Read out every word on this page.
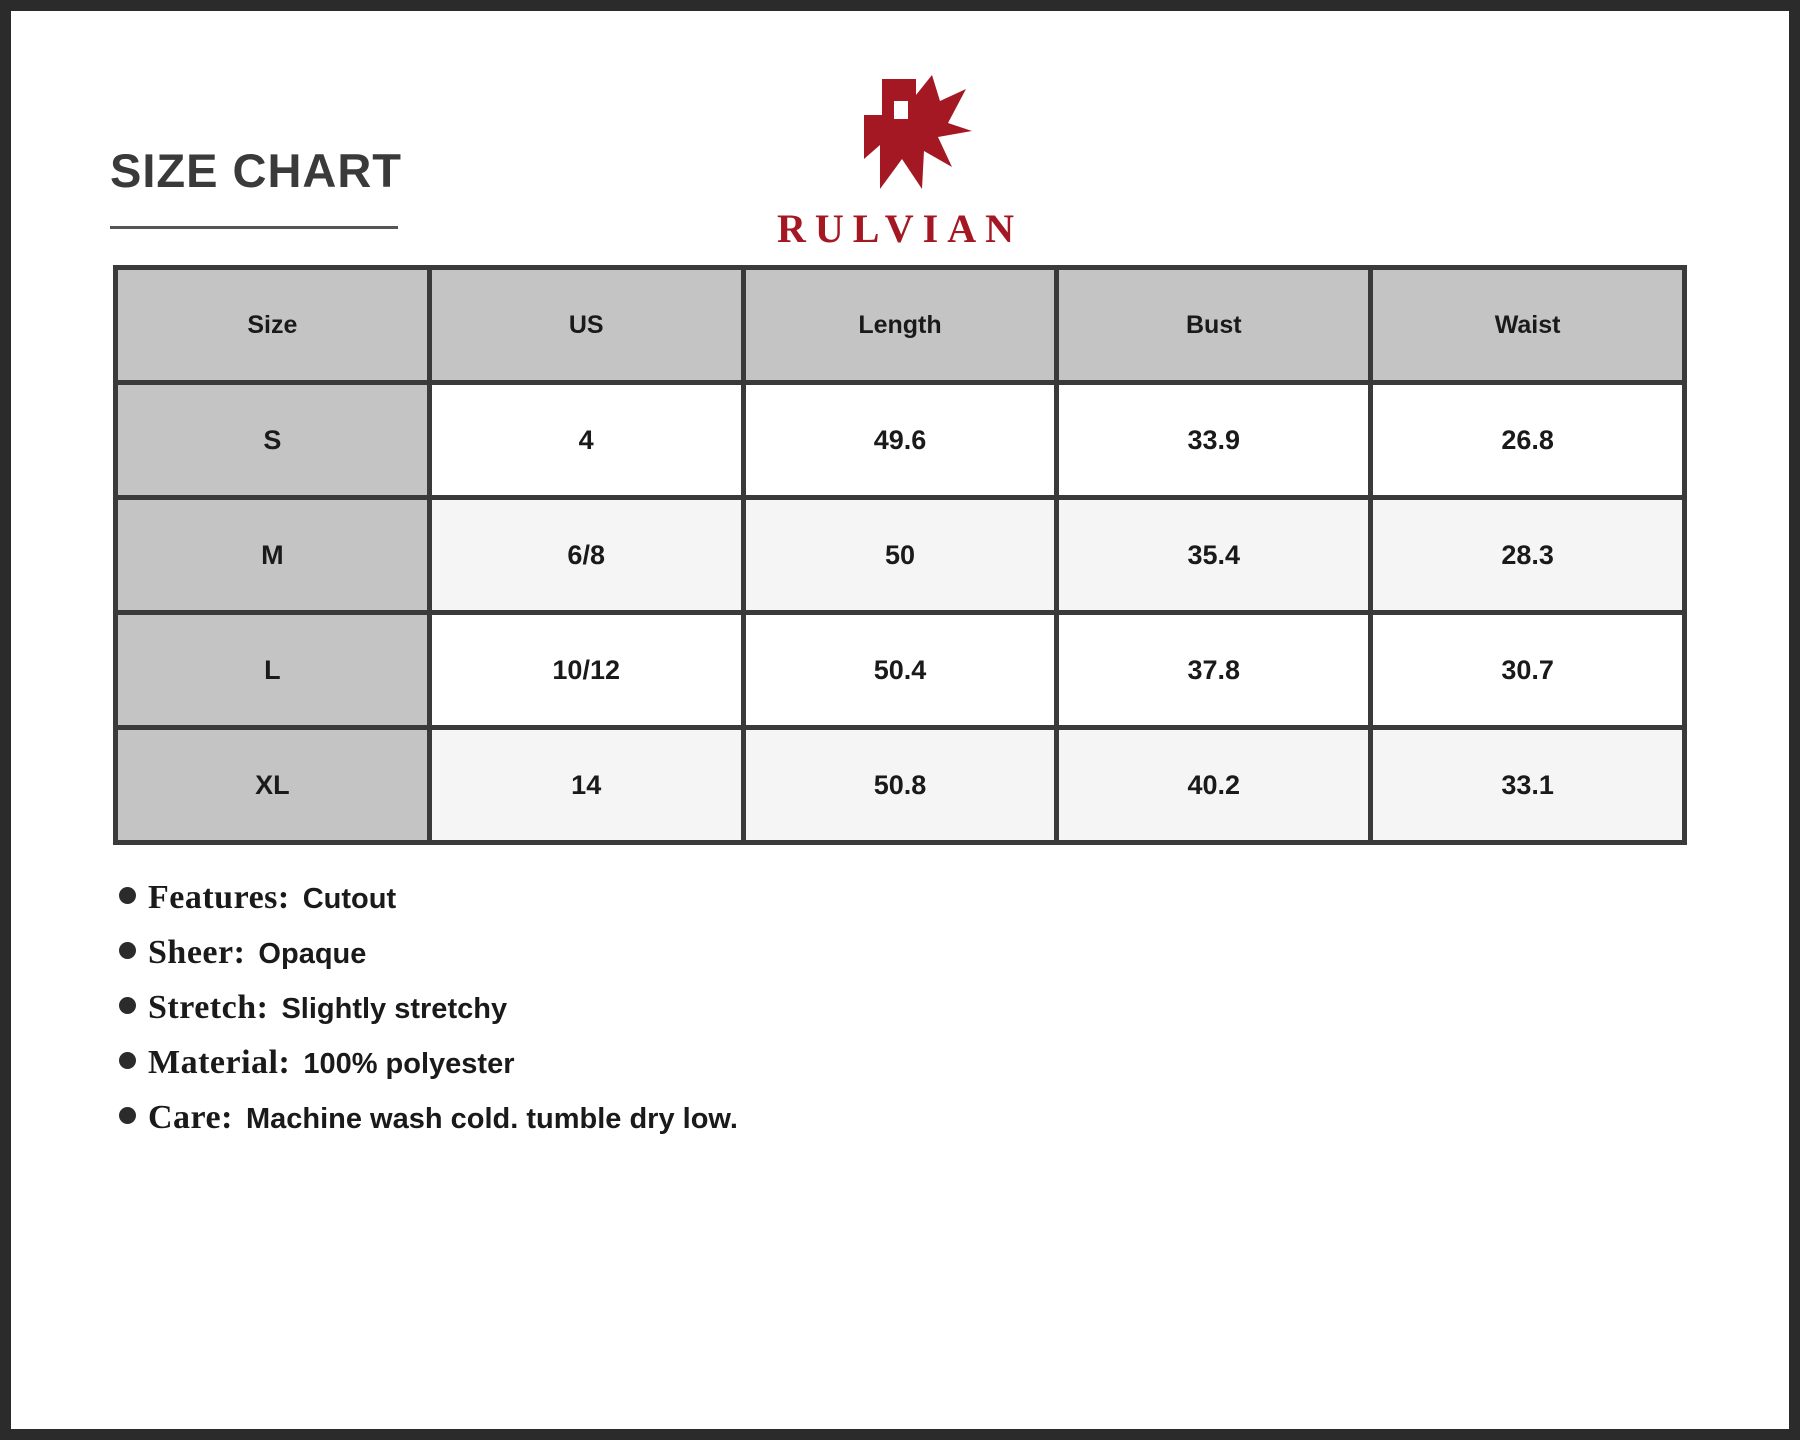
SIZE CHART
RULVIAN
Size	US	Length	Bust	Waist
S	4	49.6	33.9	26.8
M	6/8	50	35.4	28.3
L	10/12	50.4	37.8	30.7
XL	14	50.8	40.2	33.1
Features: Cutout
Sheer: Opaque
Stretch: Slightly stretchy
Material: 100% polyester
Care: Machine wash cold. tumble dry low.
